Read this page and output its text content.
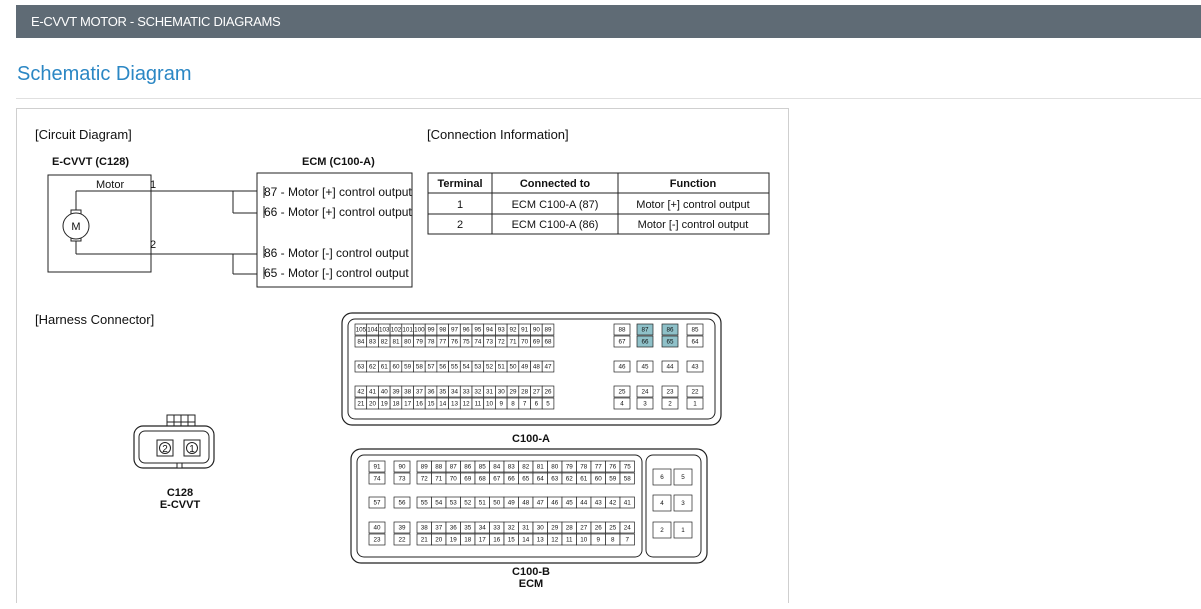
E-CVVT MOTOR - SCHEMATIC DIAGRAMS
Schematic Diagram
[Circuit Diagram]
E-CVVT (C128)	ECM (C100-A)
Motor 1
2
M
87 - Motor [+] control output
66 - Motor [+] control output
86 - Motor [-] control output
65 - Motor [-] control output
[Connection Information]
Terminal	Connected to	Function
1	ECM C100-A (87)	Motor [+] control output
2	ECM C100-A (86)	Motor [-] control output
[Harness Connector]
2 1
C128
E-CVVT
105 104 103 102 101 100 99 98 97 96 95 94 93 92 91 90 89	88	87	86	85
84 83 82 81 80 79 78 77 76 75 74 73 72 71 70 69 68	67	66	65	64
63 62 61 60 59 58 57 56 55 54 53 52 51 50 49 48 47	46	45	44	43
42 41 40 39 38 37 36 35 34 33 32 31 30 29 28 27 26	25	24	23	22
21 20 19 18 17 16 15 14 13 12 11 10 9 8 7 6 5	4	3	2	1
C100-A
91	90 89 88 87 86 85 84 83 82 81 80 79 78 77 76 75
74	73 72 71 70 69 68 67 66 65 64 63 62 61 60 59 58
57	56 55 54 53 52 51 50 49 48 47 46 45 44 43 42 41
40	39 38 37 36 35 34 33 32 31 30 29 28 27 26 25 24
23	22 21 20 19 18 17 16 15 14 13 12 11 10 9 8 7
6	5
4	3
2	1
C100-B
ECM
